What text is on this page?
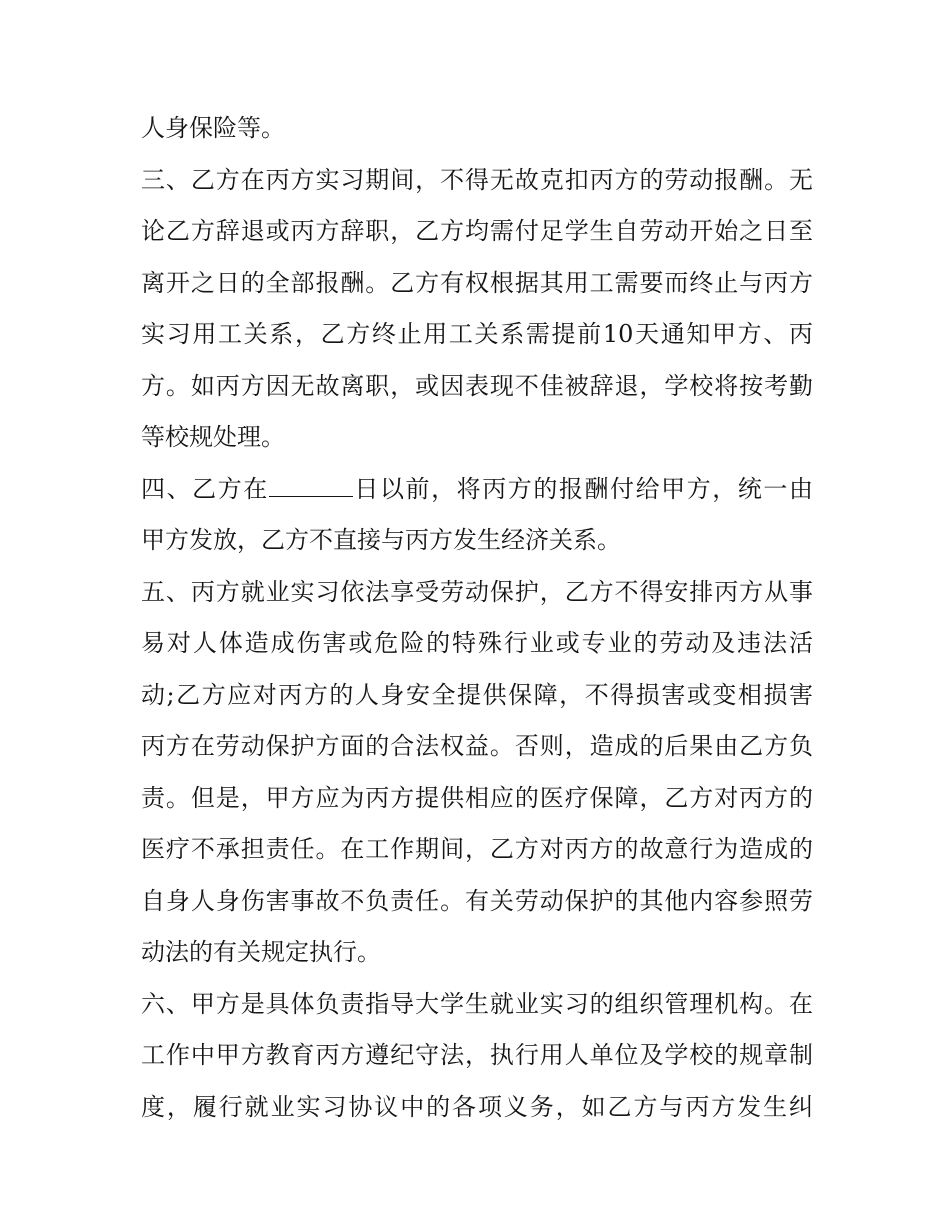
人身保险等。
三、乙方在丙方实习期间，不得无故克扣丙方的劳动报酬。无
论乙方辞退或丙方辞职，乙方均需付足学生自劳动开始之日至
离开之日的全部报酬。乙方有权根据其用工需要而终止与丙方
实习用工关系，乙方终止用工关系需提前10天通知甲方、丙
方。如丙方因无故离职，或因表现不佳被辞退，学校将按考勤
等校规处理。
四、乙方在	日以前，将丙方的报酬付给甲方，统一由
甲方发放，乙方不直接与丙方发生经济关系。
五、丙方就业实习依法享受劳动保护，乙方不得安排丙方从事
易对人体造成伤害或危险的特殊行业或专业的劳动及违法活
动;乙方应对丙方的人身安全提供保障，不得损害或变相损害
丙方在劳动保护方面的合法权益。否则，造成的后果由乙方负
责。但是，甲方应为丙方提供相应的医疗保障，乙方对丙方的
医疗不承担责任。在工作期间，乙方对丙方的故意行为造成的
自身人身伤害事故不负责任。有关劳动保护的其他内容参照劳
动法的有关规定执行。
六、甲方是具体负责指导大学生就业实习的组织管理机构。在
工作中甲方教育丙方遵纪守法，执行用人单位及学校的规章制
度，履行就业实习协议中的各项义务，如乙方与丙方发生纠
